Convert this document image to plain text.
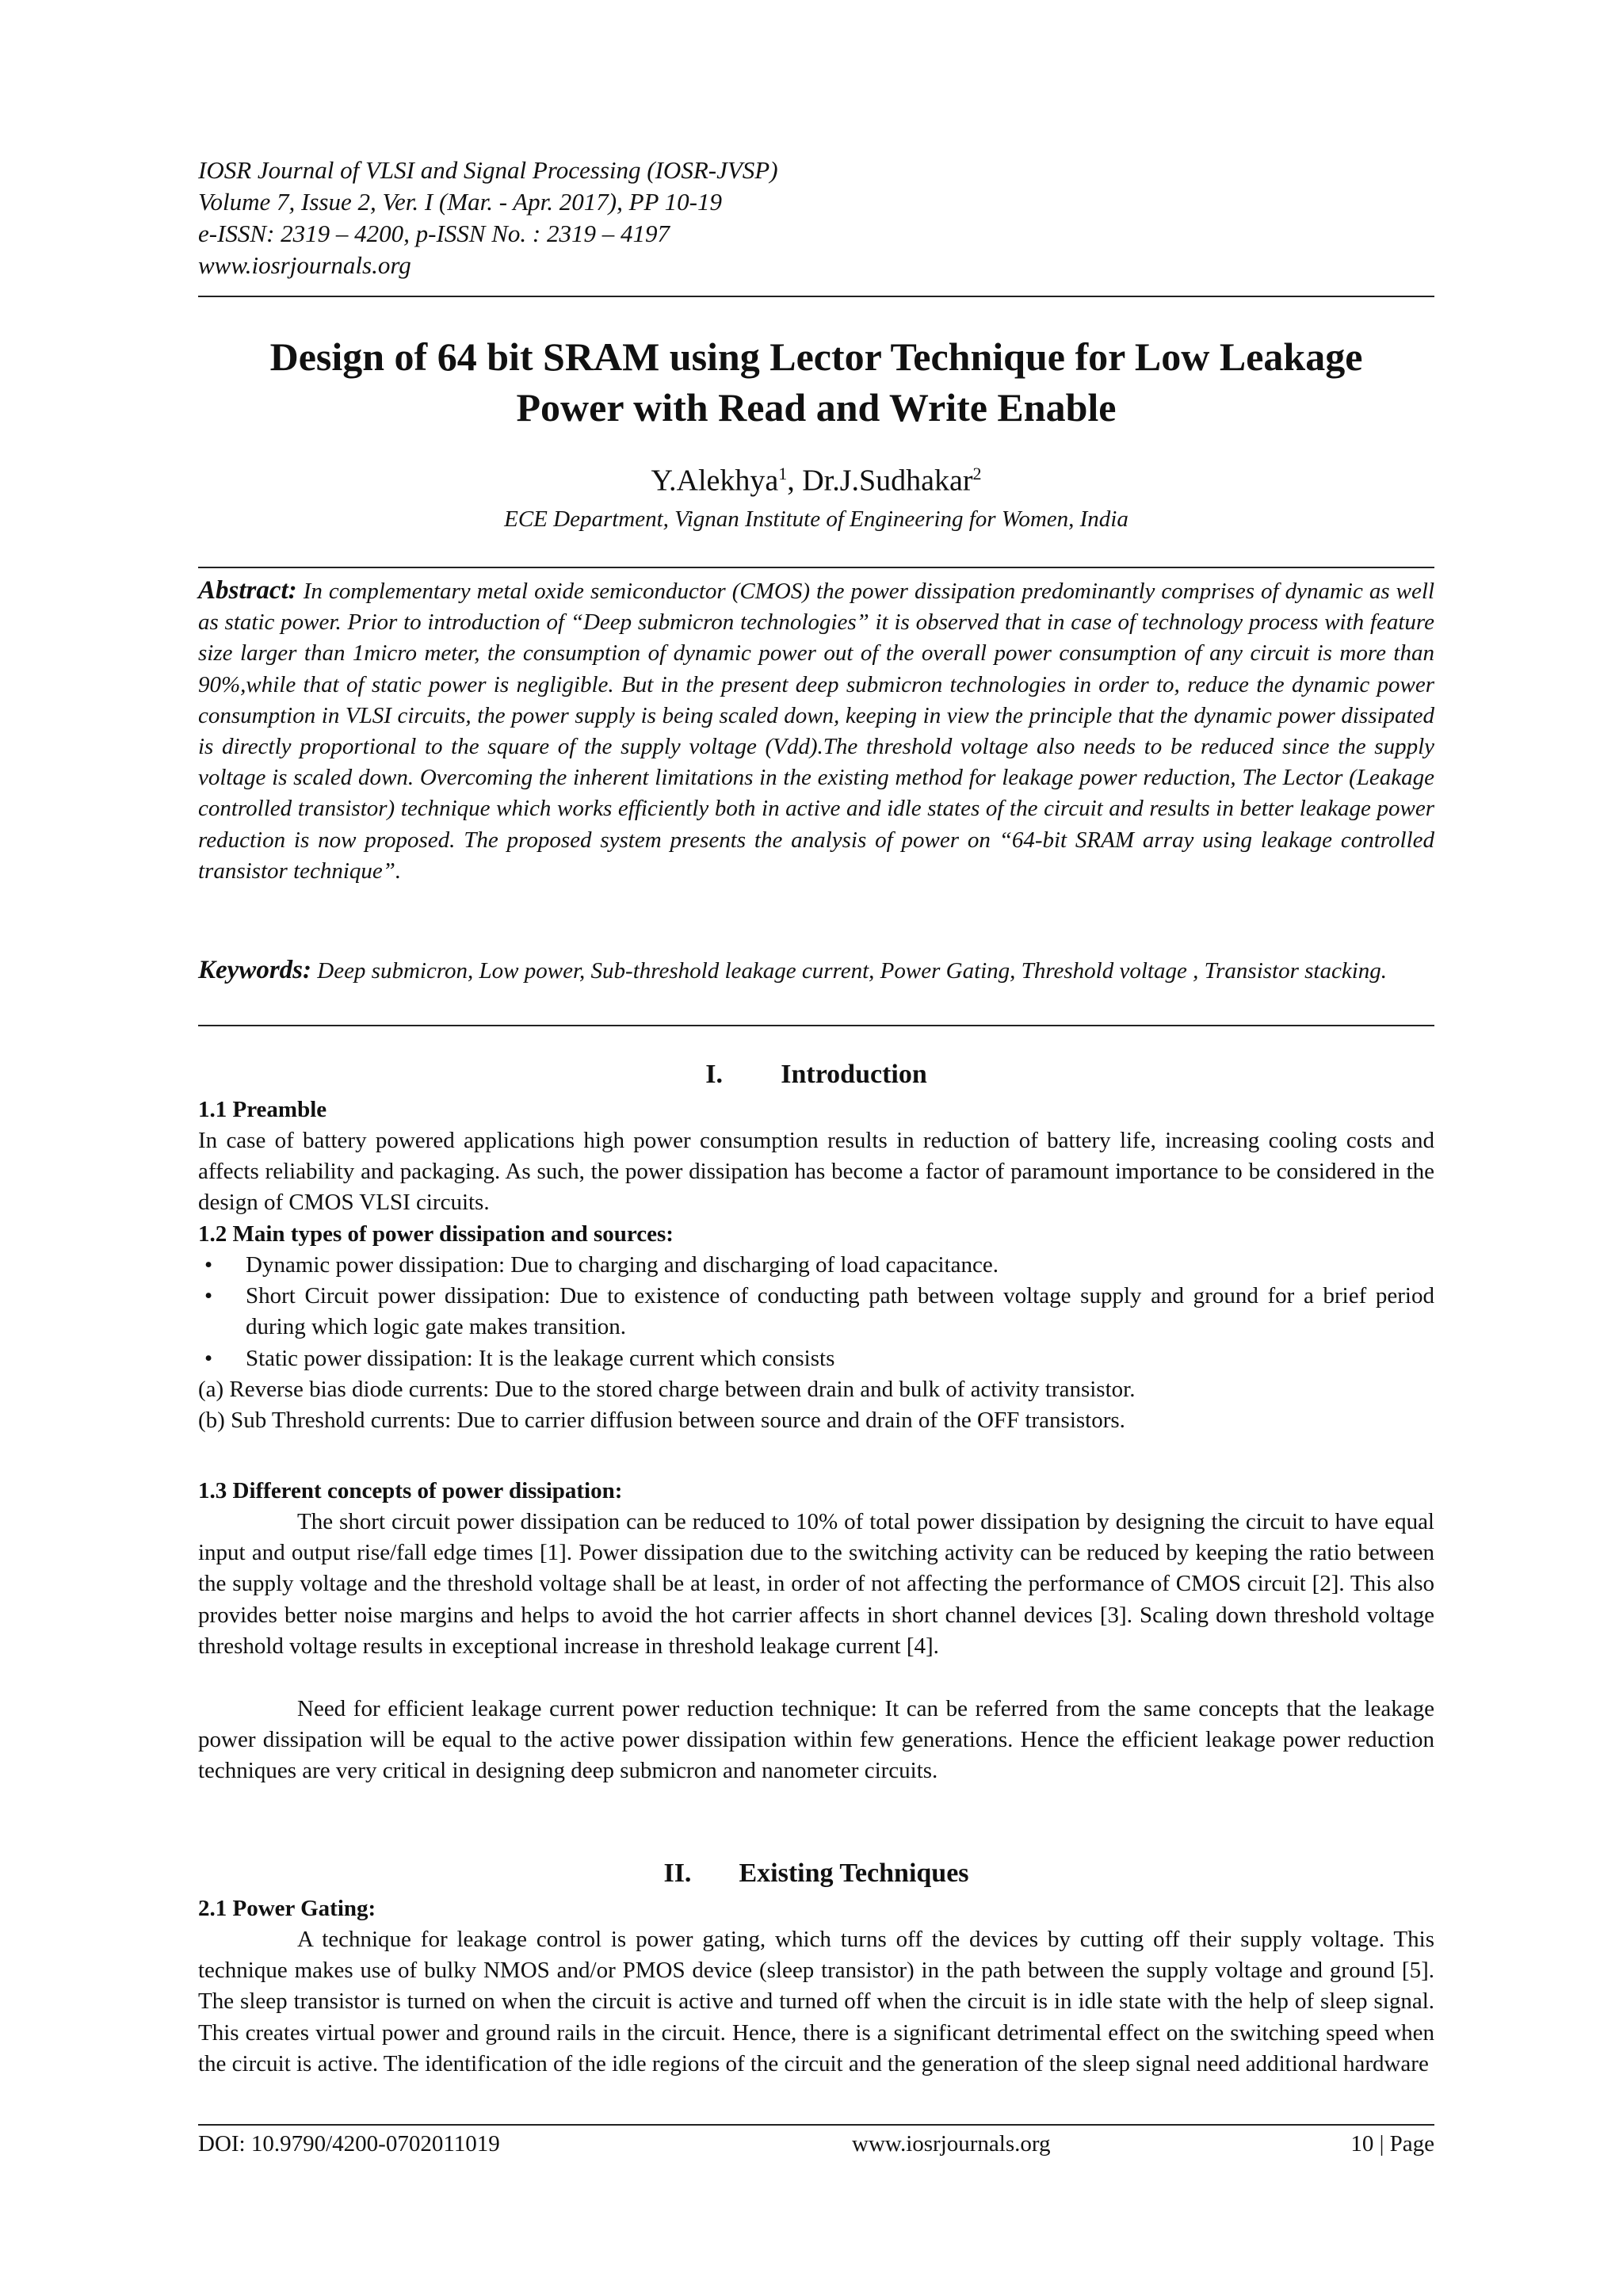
IOSR Journal of VLSI and Signal Processing (IOSR-JVSP)
Volume 7, Issue 2, Ver. I (Mar. - Apr. 2017), PP 10-19
e-ISSN: 2319 – 4200, p-ISSN No. : 2319 – 4197
www.iosrjournals.org
Design of 64 bit SRAM using Lector Technique for Low Leakage
Power with Read and Write Enable
Y.Alekhya$^1$, Dr.J.Sudhakar$^2$
ECE Department, Vignan Institute of Engineering for Women, India
Abstract: In complementary metal oxide semiconductor (CMOS) the power dissipation predominantly comprises of dynamic as well as static power. Prior to introduction of “Deep submicron technologies” it is observed that in case of technology process with feature size larger than 1micro meter, the consumption of dynamic power out of the overall power consumption of any circuit is more than 90%,while that of static power is negligible. But in the present deep submicron technologies in order to, reduce the dynamic power consumption in VLSI circuits, the power supply is being scaled down, keeping in view the principle that the dynamic power dissipated is directly proportional to the square of the supply voltage (Vdd).The threshold voltage also needs to be reduced since the supply voltage is scaled down. Overcoming the inherent limitations in the existing method for leakage power reduction, The Lector (Leakage controlled transistor) technique which works efficiently both in active and idle states of the circuit and results in better leakage power reduction is now proposed. The proposed system presents the analysis of power on “64-bit SRAM array using leakage controlled transistor technique”.
Keywords: Deep submicron, Low power, Sub-threshold leakage current, Power Gating, Threshold voltage , Transistor stacking.
I. Introduction
1.1 Preamble
In case of battery powered applications high power consumption results in reduction of battery life, increasing cooling costs and affects reliability and packaging. As such, the power dissipation has become a factor of paramount importance to be considered in the design of CMOS VLSI circuits.
1.2 Main types of power dissipation and sources:
• Dynamic power dissipation: Due to charging and discharging of load capacitance.
• Short Circuit power dissipation: Due to existence of conducting path between voltage supply and ground for a brief period during which logic gate makes transition.
• Static power dissipation: It is the leakage current which consists
(a) Reverse bias diode currents: Due to the stored charge between drain and bulk of activity transistor.
(b) Sub Threshold currents: Due to carrier diffusion between source and drain of the OFF transistors.
1.3 Different concepts of power dissipation:
The short circuit power dissipation can be reduced to 10% of total power dissipation by designing the circuit to have equal input and output rise/fall edge times [1]. Power dissipation due to the switching activity can be reduced by keeping the ratio between the supply voltage and the threshold voltage shall be at least, in order of not affecting the performance of CMOS circuit [2]. This also provides better noise margins and helps to avoid the hot carrier affects in short channel devices [3]. Scaling down threshold voltage threshold voltage results in exceptional increase in threshold leakage current [4].
Need for efficient leakage current power reduction technique: It can be referred from the same concepts that the leakage power dissipation will be equal to the active power dissipation within few generations. Hence the efficient leakage power reduction techniques are very critical in designing deep submicron and nanometer circuits.
II. Existing Techniques
2.1 Power Gating:
A technique for leakage control is power gating, which turns off the devices by cutting off their supply voltage. This technique makes use of bulky NMOS and/or PMOS device (sleep transistor) in the path between the supply voltage and ground [5]. The sleep transistor is turned on when the circuit is active and turned off when the circuit is in idle state with the help of sleep signal. This creates virtual power and ground rails in the circuit. Hence, there is a significant detrimental effect on the switching speed when the circuit is active. The identification of the idle regions of the circuit and the generation of the sleep signal need additional hardware
DOI: 10.9790/4200-0702011019	www.iosrjournals.org	10 | Page
